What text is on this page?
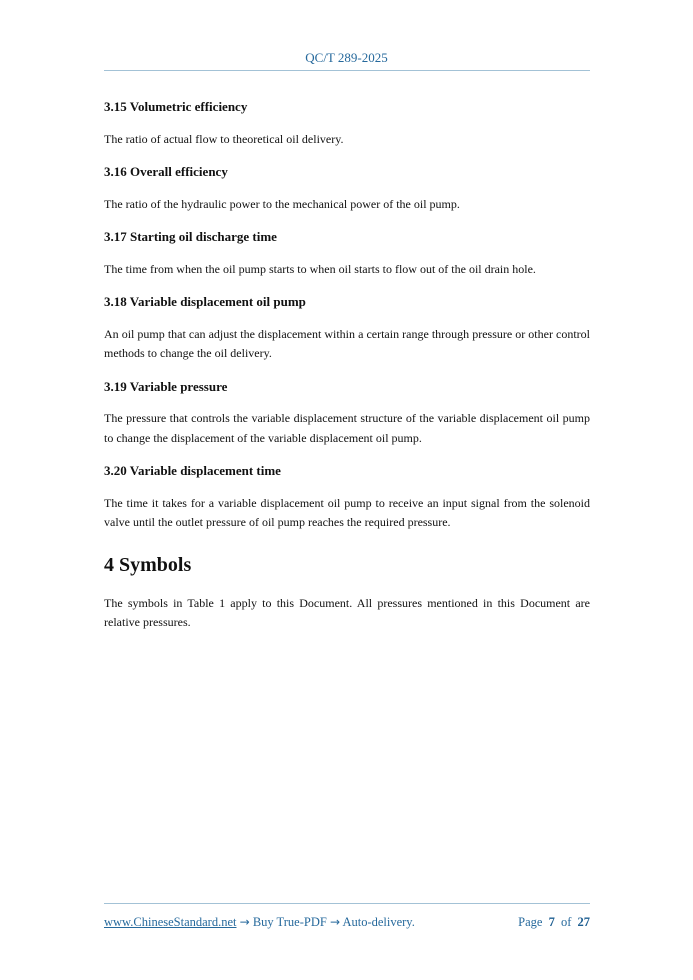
QC/T 289-2025
3.15 Volumetric efficiency

The ratio of actual flow to theoretical oil delivery.

3.16 Overall efficiency

The ratio of the hydraulic power to the mechanical power of the oil pump.

3.17 Starting oil discharge time

The time from when the oil pump starts to when oil starts to flow out of the oil drain hole.

3.18 Variable displacement oil pump

An oil pump that can adjust the displacement within a certain range through pressure or other control methods to change the oil delivery.

3.19 Variable pressure

The pressure that controls the variable displacement structure of the variable displacement oil pump to change the displacement of the variable displacement oil pump.

3.20 Variable displacement time

The time it takes for a variable displacement oil pump to receive an input signal from the solenoid valve until the outlet pressure of oil pump reaches the required pressure.

4 Symbols

The symbols in Table 1 apply to this Document. All pressures mentioned in this Document are relative pressures.

www.ChineseStandard.net → Buy True-PDF → Auto-delivery.	Page 7 of 27
